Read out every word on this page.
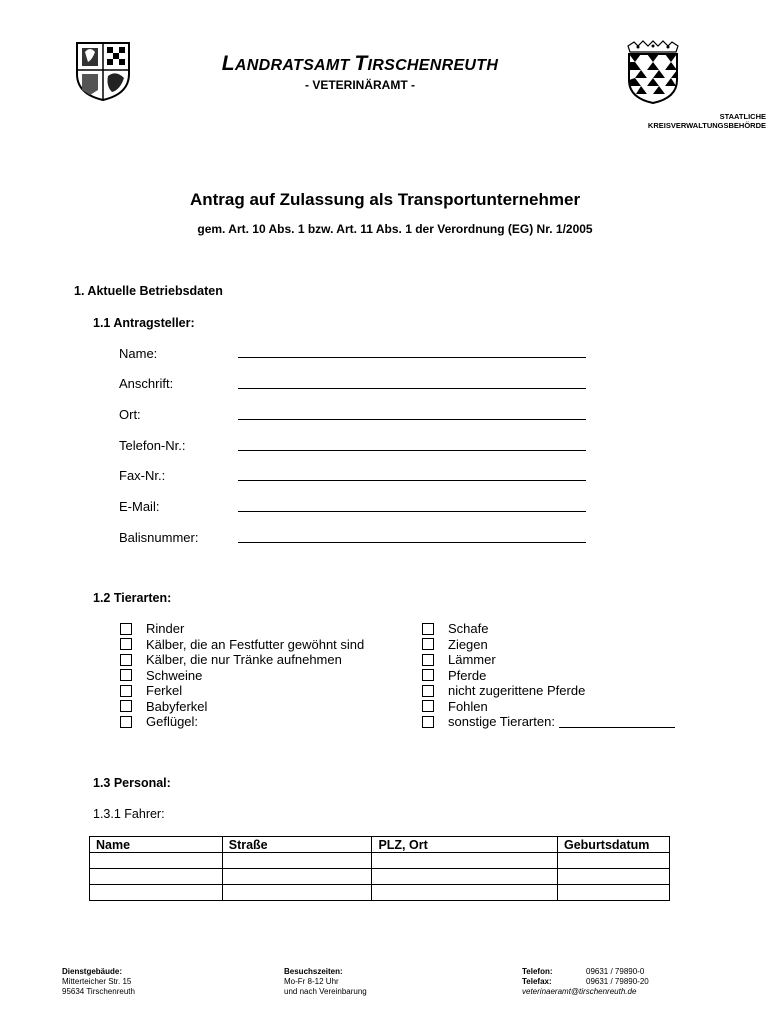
LANDRATSAMT TIRSCHENREUTH
- VETERINÄRAMT -
STAATLICHE
KREISVERWALTUNGSBEHÖRDE
Antrag auf Zulassung als Transportunternehmer
gem. Art. 10 Abs. 1 bzw. Art. 11 Abs. 1 der Verordnung (EG) Nr. 1/2005
1. Aktuelle Betriebsdaten
1.1 Antragsteller:
Name:
Anschrift:
Ort:
Telefon-Nr.:
Fax-Nr.:
E-Mail:
Balisnummer:
1.2 Tierarten:
Rinder
Kälber, die an Festfutter gewöhnt sind
Kälber, die nur Tränke aufnehmen
Schweine
Ferkel
Babyferkel
Geflügel:
Schafe
Ziegen
Lämmer
Pferde
nicht zugerittene Pferde
Fohlen
sonstige Tierarten:
1.3 Personal:
1.3.1 Fahrer:
Name	Straße	PLZ, Ort	Geburtsdatum

Dienstgebäude:
Mitterteicher Str. 15
95634 Tirschenreuth
Besuchszeiten:
Mo-Fr 8-12 Uhr
und nach Vereinbarung
Telefon:	09631 / 79890-0
Telefax:	09631 / 79890-20
veterinaeramt@tirschenreuth.de
